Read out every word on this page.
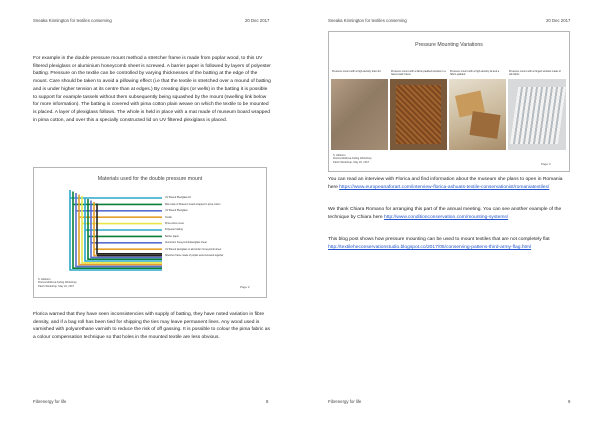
Sneaka Kinnington for textiles conserving	20 Dec 2017

For example in the double pressure mount method a stretcher frame is made from poplar wood, to this UV filtered plexiglass or aluminium honeycomb sheet is screwed. A barrier paper is followed by layers of polyester batting. Pressure on the textile can be controlled by varying thicknesses of the batting at the edge of the mount. Care should be taken to avoid a pillowing effect (i.e that the textile is stretched over a mound of batting and is under higher tension at its centre than at edges.) By creating dips (or wells) in the batting it is possible to support for example tassels without them subsequently being squashed by the mount (swelling link below for more information). The batting is covered with pima cotton plain weave on which the textile to be mounted is placed. A layer of plexiglass follows. The whole is held in place with a mat made of museum board wrapped in pima cotton, and over this a specially constructed lid on UV filtered plexiglass is placed.

Materials used for the double pressure mount
UV filtered Plexiglass lid
Mat made of Museum board wrapped in pima cotton
UV filtered Plexiglass
Textile
Pima cotton cover
Polyester batting
Barrier paper
Aluminium honeycomb/plexiglass sheet
UV filtered plexiglass or aluminium honeycomb sheet
Stretcher frame made of poplar wood screwed together
S. Hillestro
Florica Moldova Kellog Workshop
Patch Workshop, May 22, 2017	Page 2

Florica warned that they have seen inconsistencies with supply of batting, they have noted variation in fibre density, and if a bag roll has been tied for shipping the ties may leave permanent lines. Any wood used is varnished with polyurethane varnish to reduce the risk of off gassing. It is possible to colour the pima fabric as a colour compensation technique so that holes in the mounted textile are less obvious.

Fibrenergy for life	8
Sneaka Kinnington for textiles conserving	20 Dec 2017
Pressure Mounting Variations
Pressure mount with a high-density foam lid	Pressure mount with a fabric-padded window in a hand-made frame
Pressure mount with a high-density lid and a fabric-padded
Pressure mount with a hinged window made of silk fabric
S. Hillestro
Florica Moldova Kellog Workshop
Patch Workshop, May 22, 2017	Page 3

You can read an interview with Florica and find information about the museum she plans to open in Romania here https://www.europeanaforart.com/interview-florica-ashuats-textile-conservationist/romaniatextiles/

We thank Chiara Romano for arranging this part of the annual meeting. You can see another example of the technique by Chiara here http://www.conditionconservation.com/mounting-systems/

This blog post shows how pressure mounting can be used to mount textiles that are not completely flat http://textileheconservationstudio.blogspot.co/2017/05/conserving-pattens-third-army-flag.html

Fibrenergy for life	9
